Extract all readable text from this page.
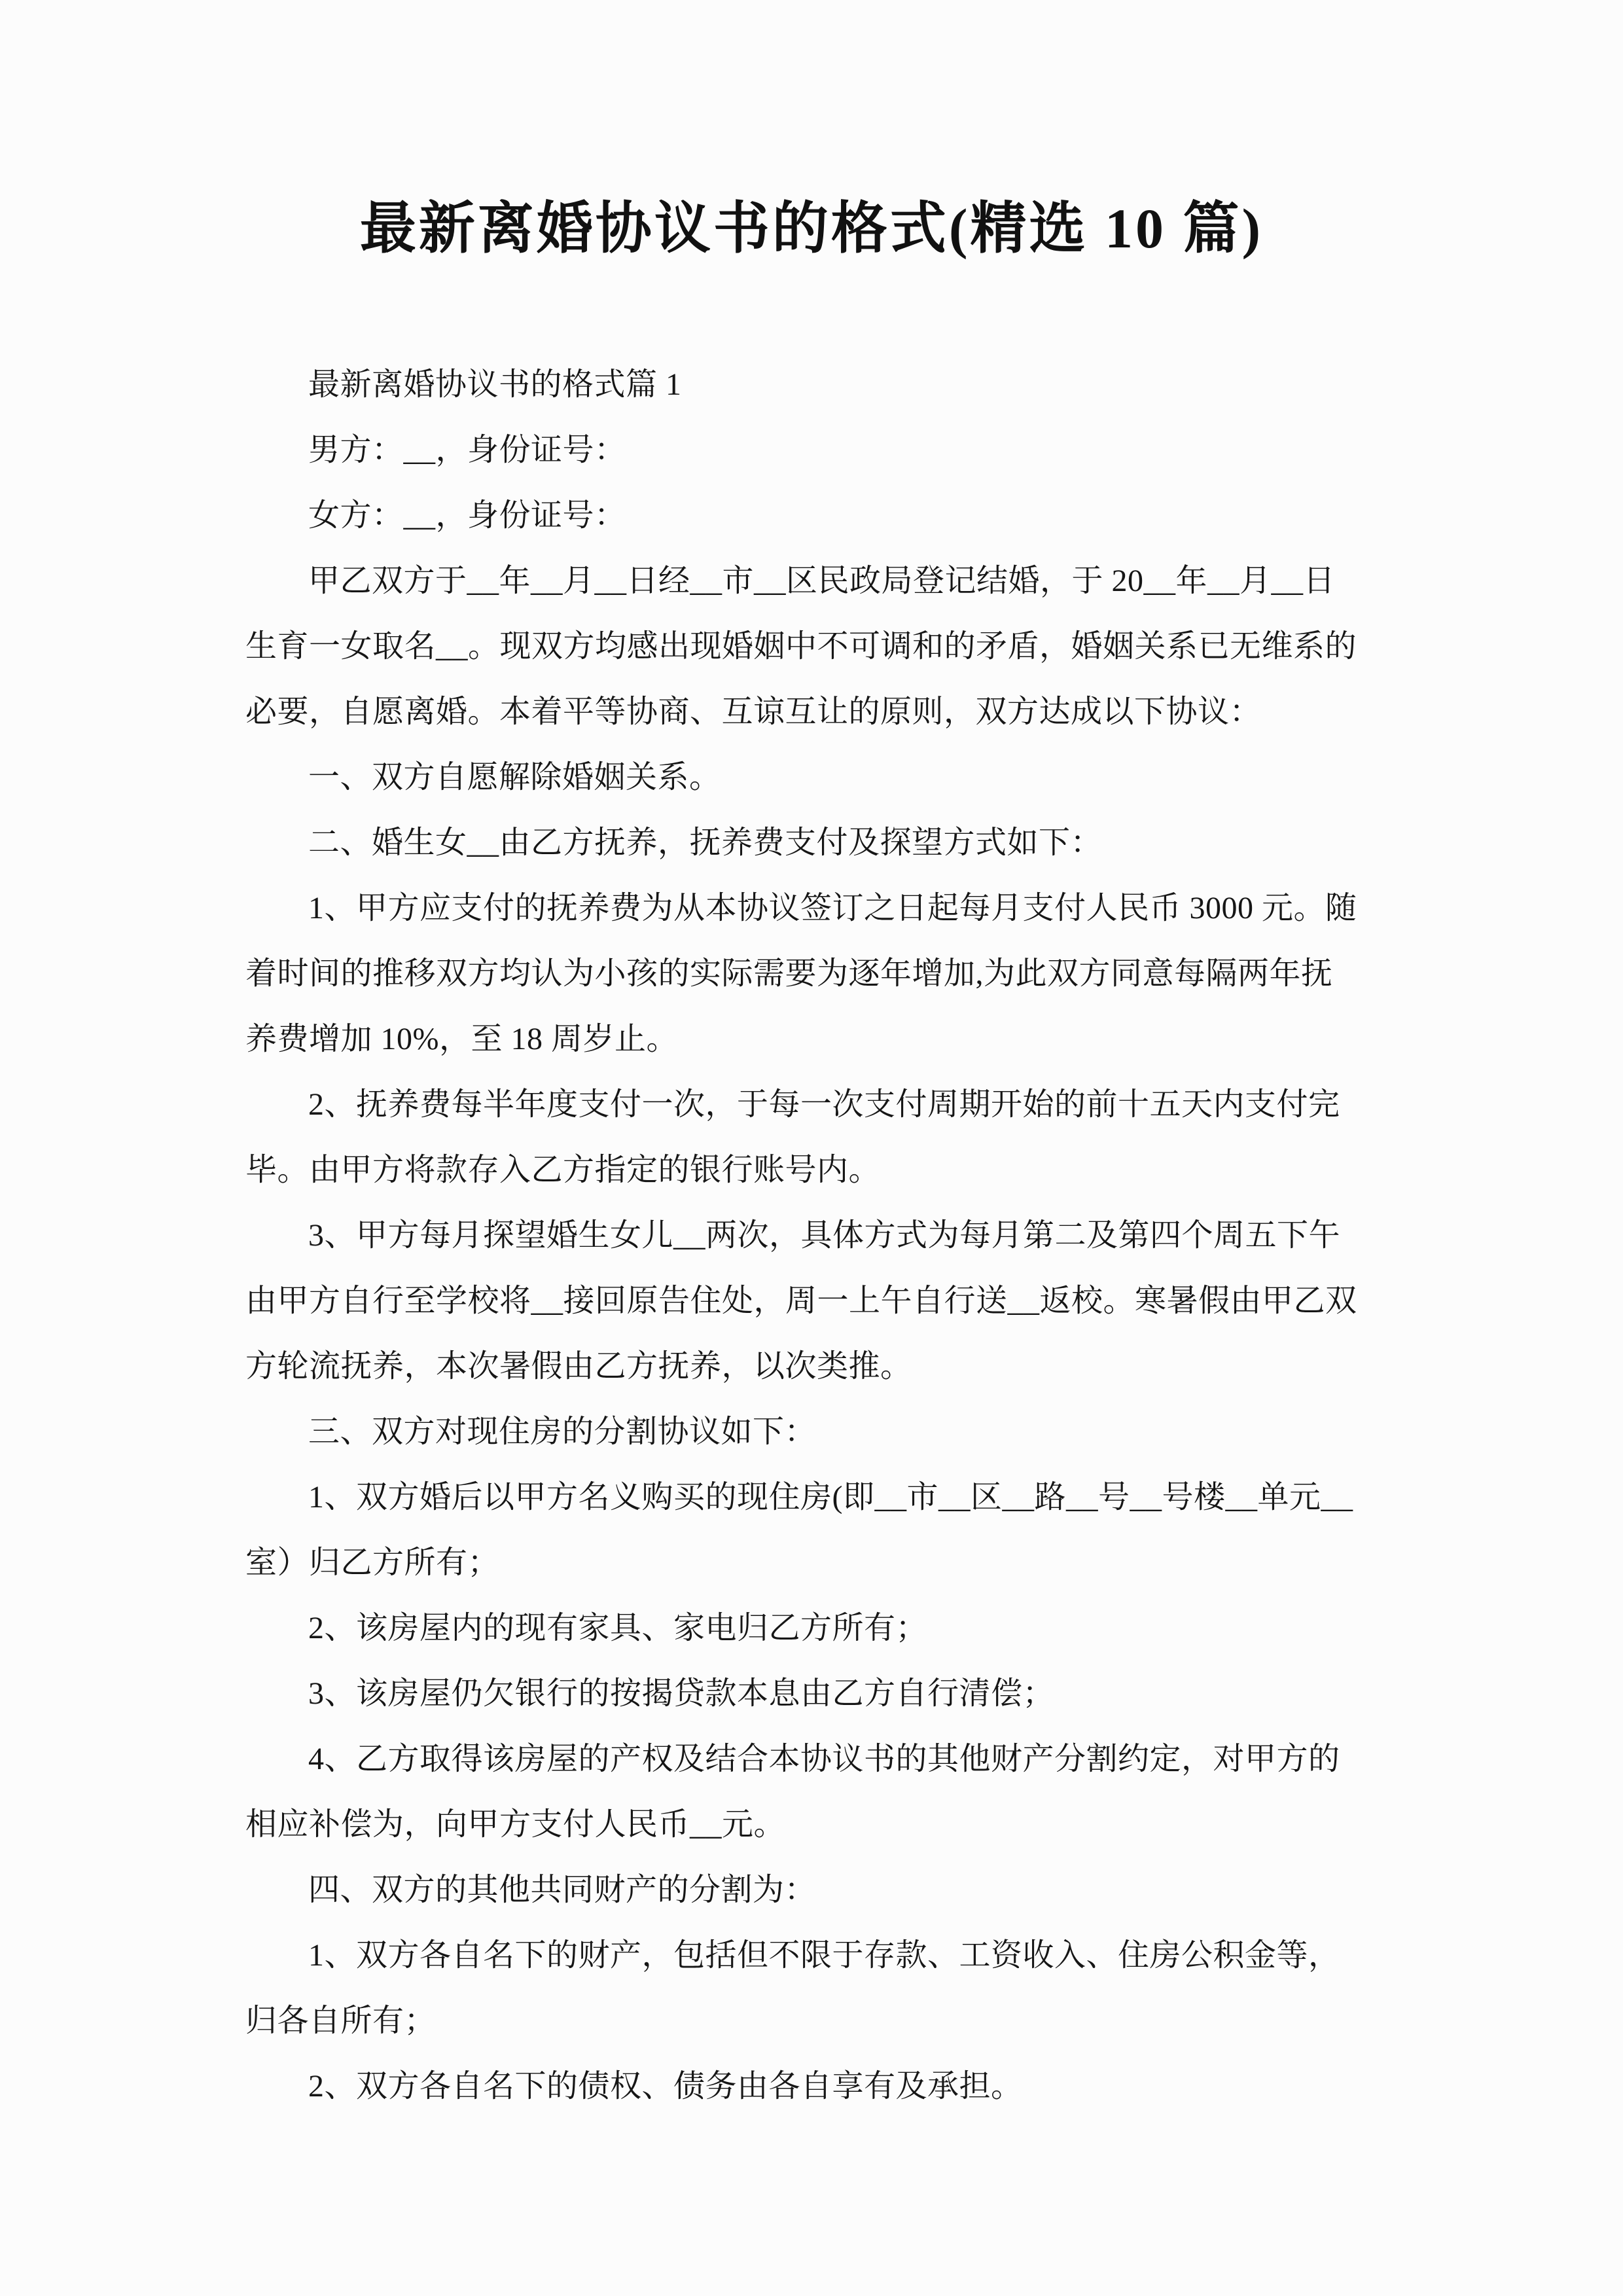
最新离婚协议书的格式(精选 10 篇)
最新离婚协议书的格式篇 1
男方：__，身份证号：
女方：__，身份证号：
甲乙双方于__年__月__日经__市__区民政局登记结婚，于 20__年__月__日
生育一女取名__。现双方均感出现婚姻中不可调和的矛盾，婚姻关系已无维系的
必要，自愿离婚。本着平等协商、互谅互让的原则，双方达成以下协议：
一、双方自愿解除婚姻关系。
二、婚生女__由乙方抚养，抚养费支付及探望方式如下：
1、甲方应支付的抚养费为从本协议签订之日起每月支付人民币 3000 元。随
着时间的推移双方均认为小孩的实际需要为逐年增加,为此双方同意每隔两年抚
养费增加 10%，至 18 周岁止。
2、抚养费每半年度支付一次，于每一次支付周期开始的前十五天内支付完
毕。由甲方将款存入乙方指定的银行账号内。
3、甲方每月探望婚生女儿__两次，具体方式为每月第二及第四个周五下午
由甲方自行至学校将__接回原告住处，周一上午自行送__返校。寒暑假由甲乙双
方轮流抚养，本次暑假由乙方抚养，以次类推。
三、双方对现住房的分割协议如下：
1、双方婚后以甲方名义购买的现住房(即__市__区__路__号__号楼__单元__
室）归乙方所有；
2、该房屋内的现有家具、家电归乙方所有；
3、该房屋仍欠银行的按揭贷款本息由乙方自行清偿；
4、乙方取得该房屋的产权及结合本协议书的其他财产分割约定，对甲方的
相应补偿为，向甲方支付人民币__元。
四、双方的其他共同财产的分割为：
1、双方各自名下的财产，包括但不限于存款、工资收入、住房公积金等，
归各自所有；
2、双方各自名下的债权、债务由各自享有及承担。
